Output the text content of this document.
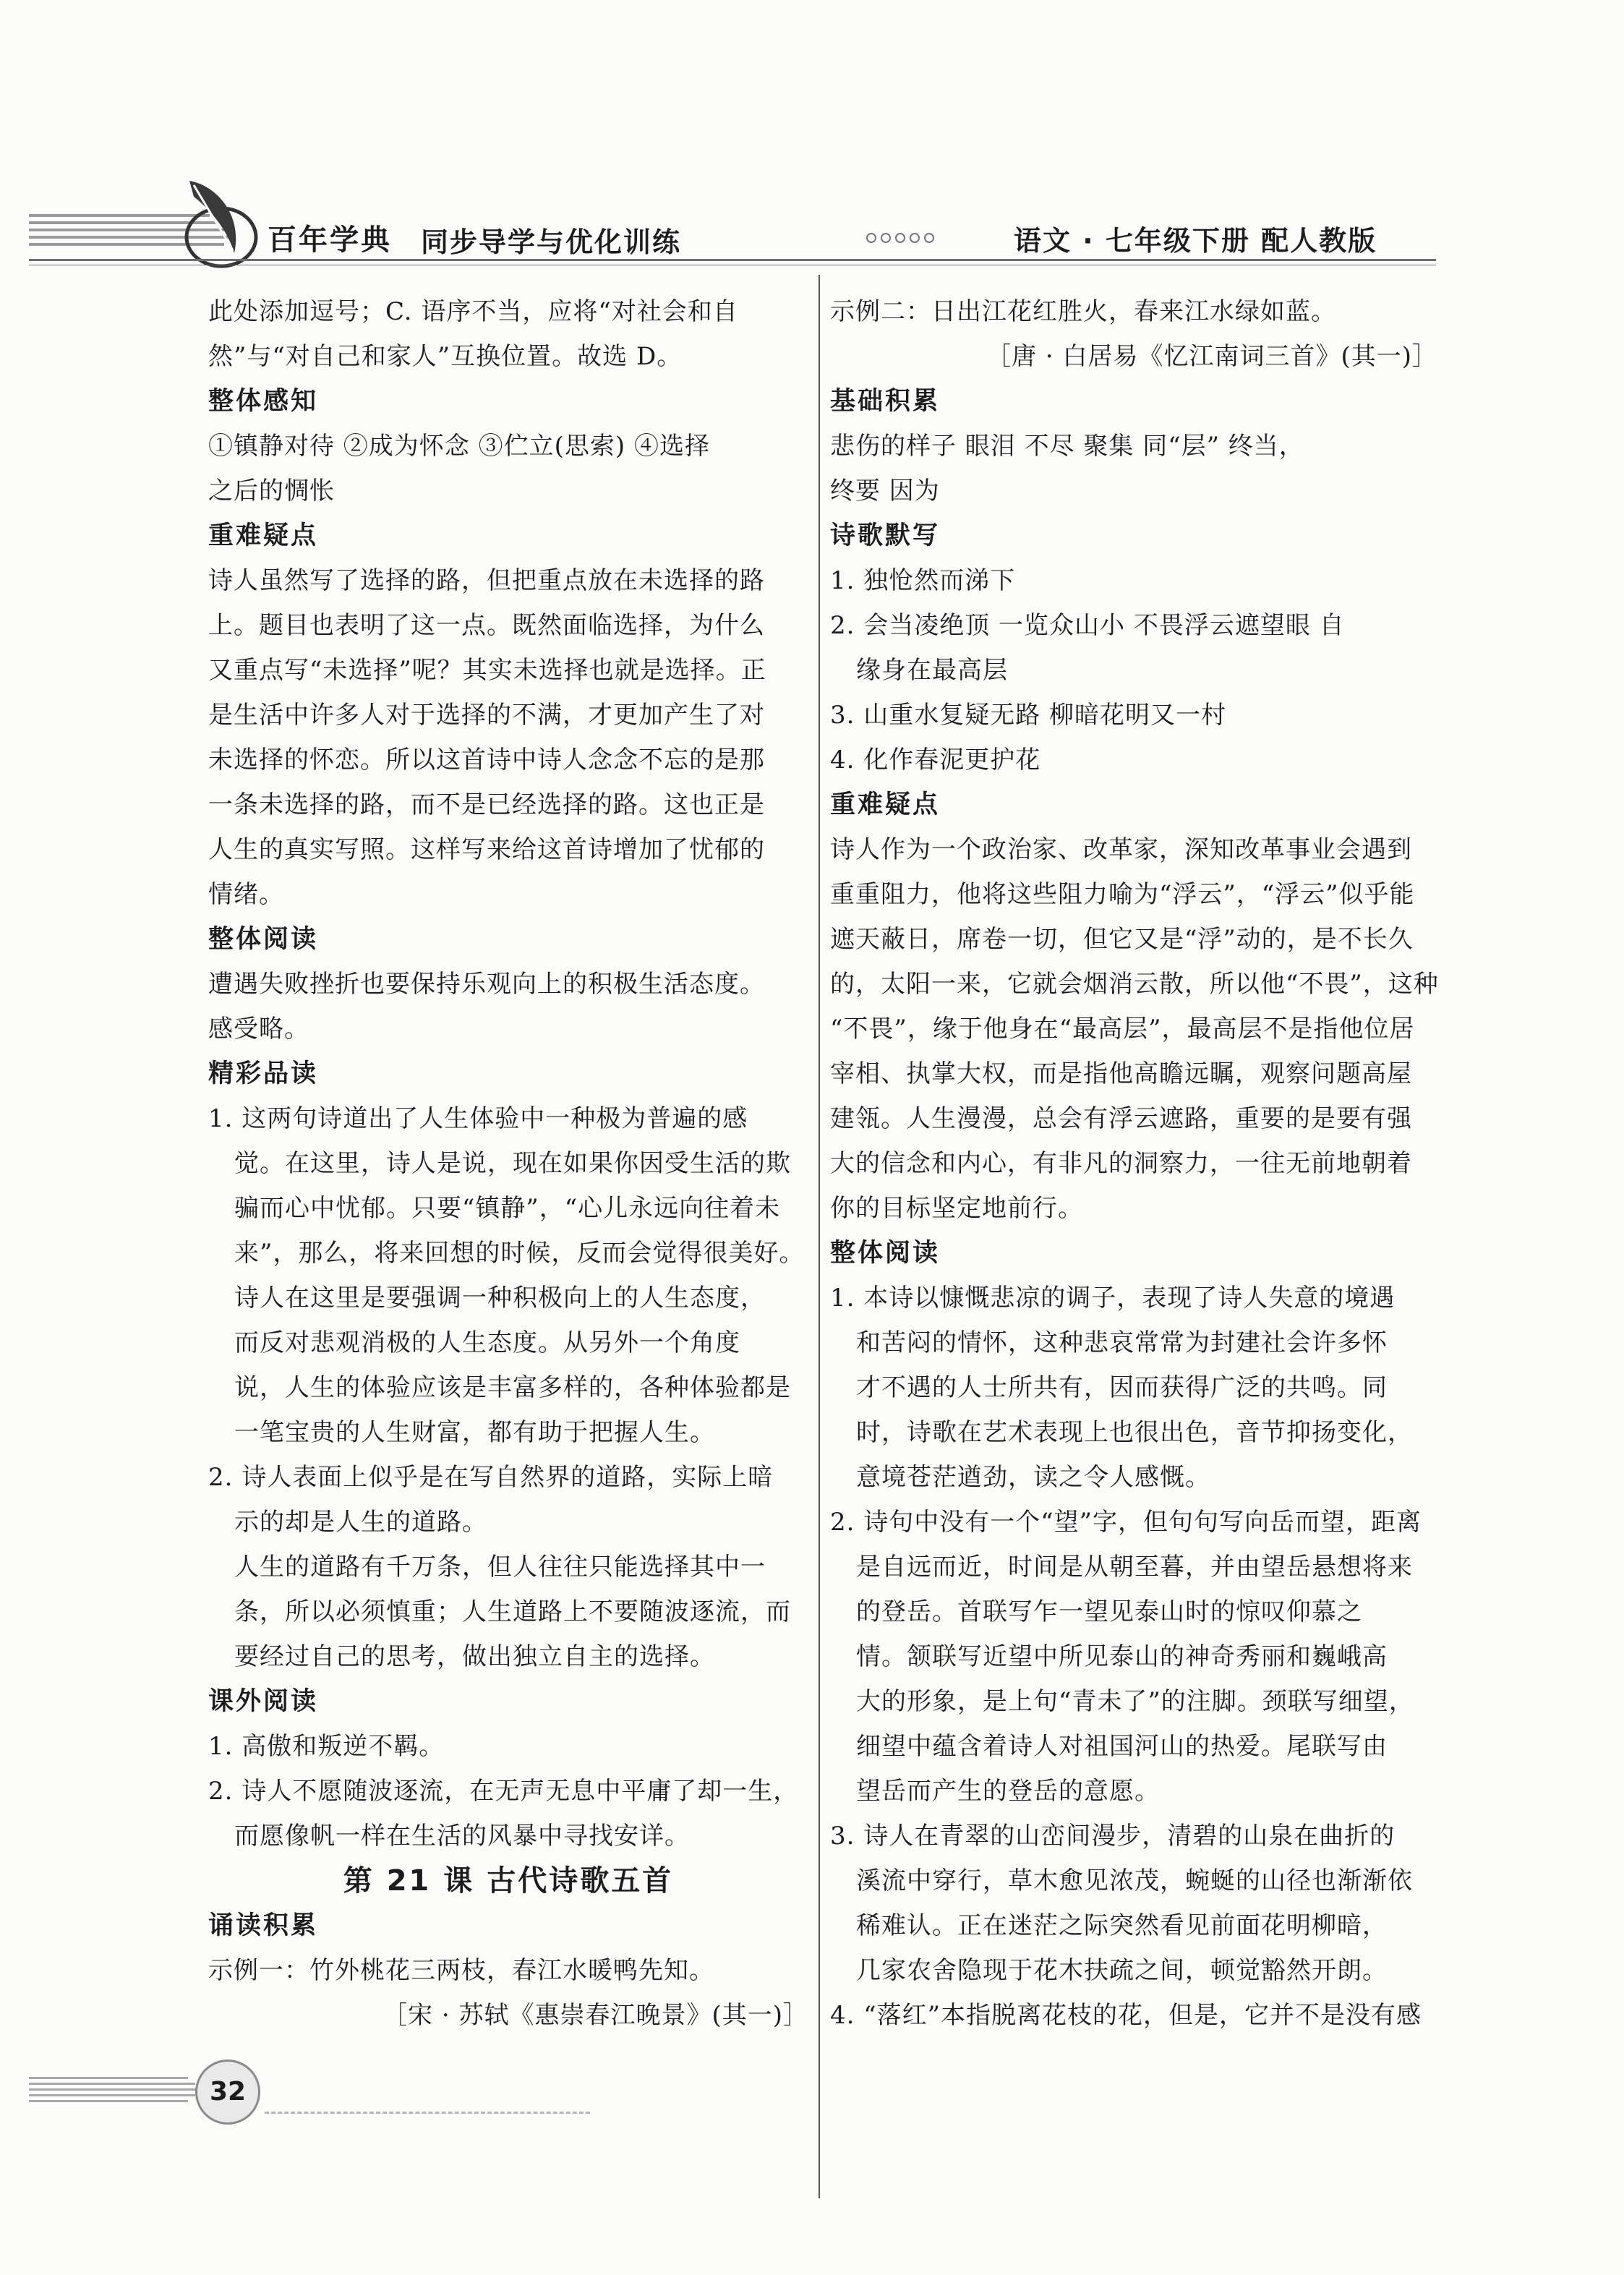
百年学典 同步导学与优化训练	语文 · 七年级下册 配人教版
此处添加逗号；C. 语序不当，应将“对社会和自
然”与“对自己和家人”互换位置。故选 D。
整体感知
①镇静对待 ②成为怀念 ③伫立(思索) ④选择
之后的惆怅
重难疑点
诗人虽然写了选择的路，但把重点放在未选择的路
上。题目也表明了这一点。既然面临选择，为什么
又重点写“未选择”呢？其实未选择也就是选择。正
是生活中许多人对于选择的不满，才更加产生了对
未选择的怀恋。所以这首诗中诗人念念不忘的是那
一条未选择的路，而不是已经选择的路。这也正是
人生的真实写照。这样写来给这首诗增加了忧郁的
情绪。
整体阅读
遭遇失败挫折也要保持乐观向上的积极生活态度。
感受略。
精彩品读
1. 这两句诗道出了人生体验中一种极为普遍的感
觉。在这里，诗人是说，现在如果你因受生活的欺
骗而心中忧郁。只要“镇静”，“心儿永远向往着未
来”，那么，将来回想的时候，反而会觉得很美好。
诗人在这里是要强调一种积极向上的人生态度，
而反对悲观消极的人生态度。从另外一个角度
说，人生的体验应该是丰富多样的，各种体验都是
一笔宝贵的人生财富，都有助于把握人生。
2. 诗人表面上似乎是在写自然界的道路，实际上暗
示的却是人生的道路。
人生的道路有千万条，但人往往只能选择其中一
条，所以必须慎重；人生道路上不要随波逐流，而
要经过自己的思考，做出独立自主的选择。
课外阅读
1. 高傲和叛逆不羁。
2. 诗人不愿随波逐流，在无声无息中平庸了却一生，
而愿像帆一样在生活的风暴中寻找安详。
第 21 课 古代诗歌五首
诵读积累
示例一：竹外桃花三两枝，春江水暖鸭先知。
［宋 · 苏轼《惠崇春江晚景》(其一)］
示例二：日出江花红胜火，春来江水绿如蓝。
［唐 · 白居易《忆江南词三首》(其一)］
基础积累
悲伤的样子 眼泪 不尽 聚集 同“层” 终当，
终要 因为
诗歌默写
1. 独怆然而涕下
2. 会当凌绝顶 一览众山小 不畏浮云遮望眼 自
缘身在最高层
3. 山重水复疑无路 柳暗花明又一村
4. 化作春泥更护花
重难疑点
诗人作为一个政治家、改革家，深知改革事业会遇到
重重阻力，他将这些阻力喻为“浮云”，“浮云”似乎能
遮天蔽日，席卷一切，但它又是“浮”动的，是不长久
的，太阳一来，它就会烟消云散，所以他“不畏”，这种
“不畏”，缘于他身在“最高层”，最高层不是指他位居
宰相、执掌大权，而是指他高瞻远瞩，观察问题高屋
建瓴。人生漫漫，总会有浮云遮路，重要的是要有强
大的信念和内心，有非凡的洞察力，一往无前地朝着
你的目标坚定地前行。
整体阅读
1. 本诗以慷慨悲凉的调子，表现了诗人失意的境遇
和苦闷的情怀，这种悲哀常常为封建社会许多怀
才不遇的人士所共有，因而获得广泛的共鸣。同
时，诗歌在艺术表现上也很出色，音节抑扬变化，
意境苍茫遒劲，读之令人感慨。
2. 诗句中没有一个“望”字，但句句写向岳而望，距离
是自远而近，时间是从朝至暮，并由望岳悬想将来
的登岳。首联写乍一望见泰山时的惊叹仰慕之
情。颔联写近望中所见泰山的神奇秀丽和巍峨高
大的形象，是上句“青未了”的注脚。颈联写细望，
细望中蕴含着诗人对祖国河山的热爱。尾联写由
望岳而产生的登岳的意愿。
3. 诗人在青翠的山峦间漫步，清碧的山泉在曲折的
溪流中穿行，草木愈见浓茂，蜿蜒的山径也渐渐依
稀难认。正在迷茫之际突然看见前面花明柳暗，
几家农舍隐现于花木扶疏之间，顿觉豁然开朗。
4. “落红”本指脱离花枝的花，但是，它并不是没有感
32
